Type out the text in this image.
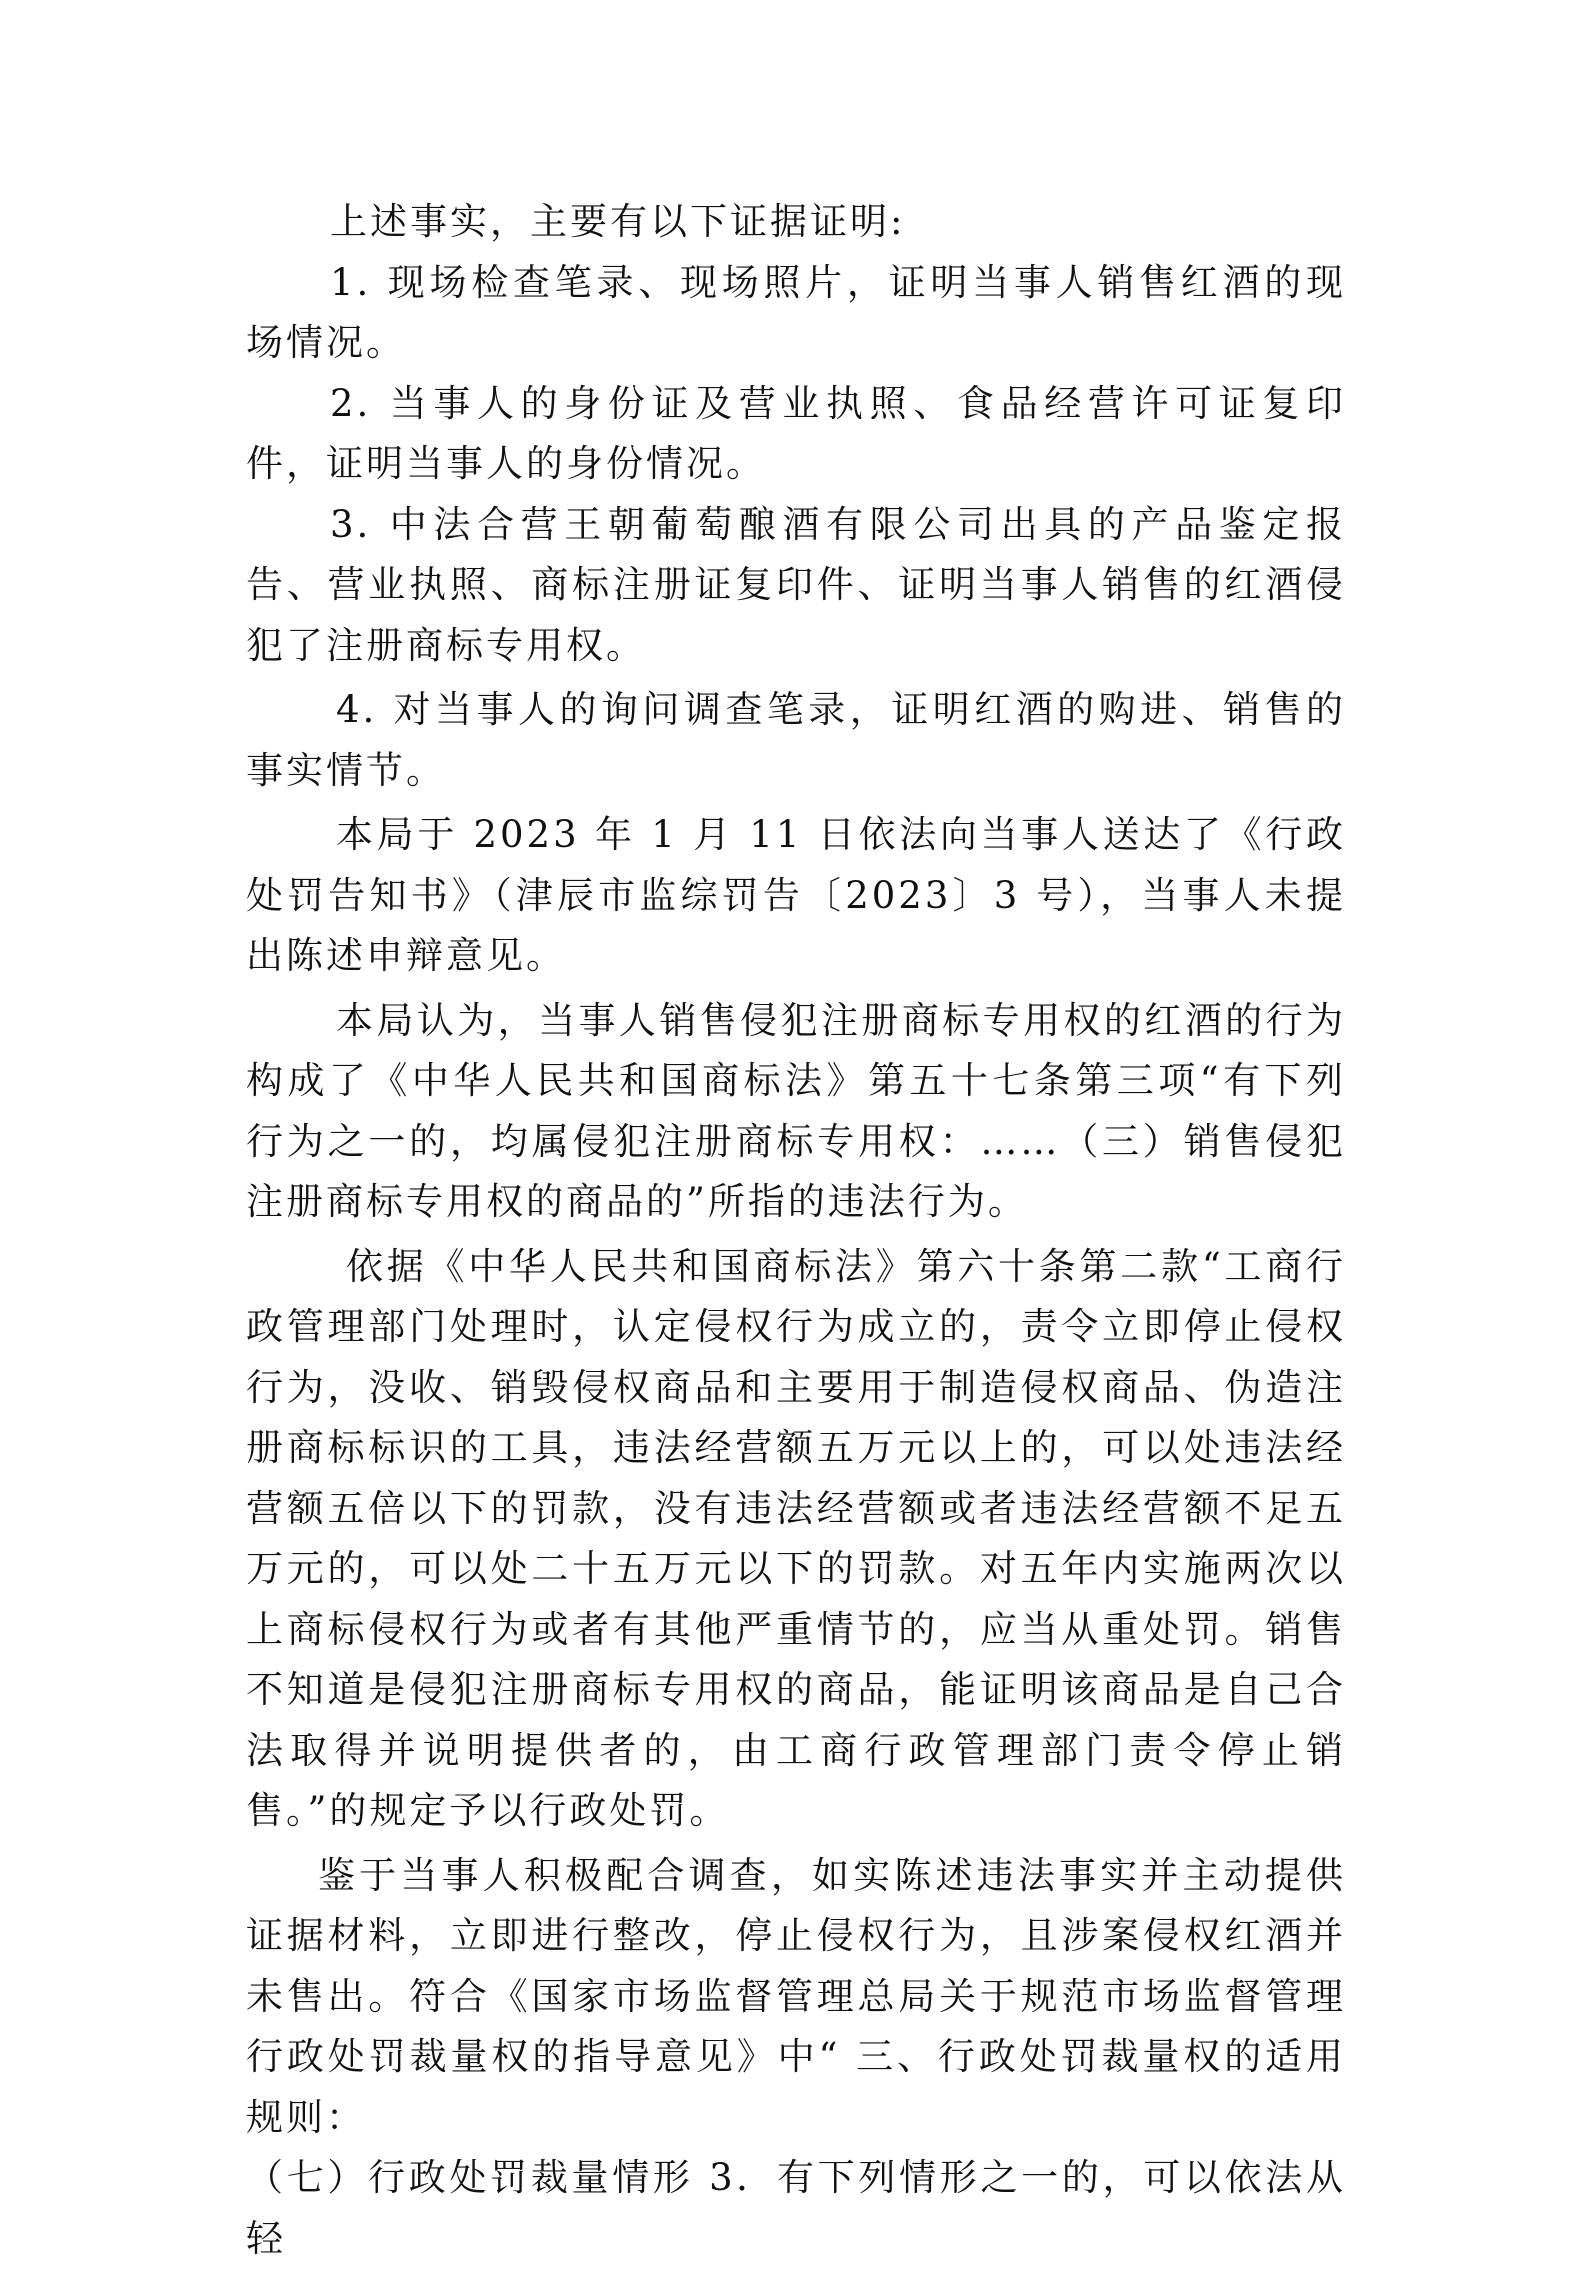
上述事实，主要有以下证据证明:

1. 现场检查笔录、现场照片，证明当事人销售红酒的现场情况。

2. 当事人的身份证及营业执照、食品经营许可证复印件，证明当事人的身份情况。

3. 中法合营王朝葡萄酿酒有限公司出具的产品鉴定报告、营业执照、商标注册证复印件、证明当事人销售的红酒侵犯了注册商标专用权。

4. 对当事人的询问调查笔录，证明红酒的购进、销售的事实情节。

本局于 2023 年 1 月 11 日依法向当事人送达了《行政处罚告知书》（津辰市监综罚告〔2023〕3 号），当事人未提出陈述申辩意见。

本局认为，当事人销售侵犯注册商标专用权的红酒的行为构成了《中华人民共和国商标法》第五十七条第三项“有下列行为之一的，均属侵犯注册商标专用权：……（三）销售侵犯注册商标专用权的商品的”所指的违法行为。

依据《中华人民共和国商标法》第六十条第二款“工商行政管理部门处理时，认定侵权行为成立的，责令立即停止侵权行为，没收、销毁侵权商品和主要用于制造侵权商品、伪造注册商标标识的工具，违法经营额五万元以上的，可以处违法经营额五倍以下的罚款，没有违法经营额或者违法经营额不足五万元的，可以处二十五万元以下的罚款。对五年内实施两次以上商标侵权行为或者有其他严重情节的，应当从重处罚。销售不知道是侵犯注册商标专用权的商品，能证明该商品是自己合法取得并说明提供者的，由工商行政管理部门责令停止销售。”的规定予以行政处罚。

鉴于当事人积极配合调查，如实陈述违法事实并主动提供证据材料，立即进行整改，停止侵权行为，且涉案侵权红酒并未售出。符合《国家市场监督管理总局关于规范市场监督管理行政处罚裁量权的指导意见》中“ 三、行政处罚裁量权的适用规则：

（七）行政处罚裁量情形 3．有下列情形之一的，可以依法从轻
